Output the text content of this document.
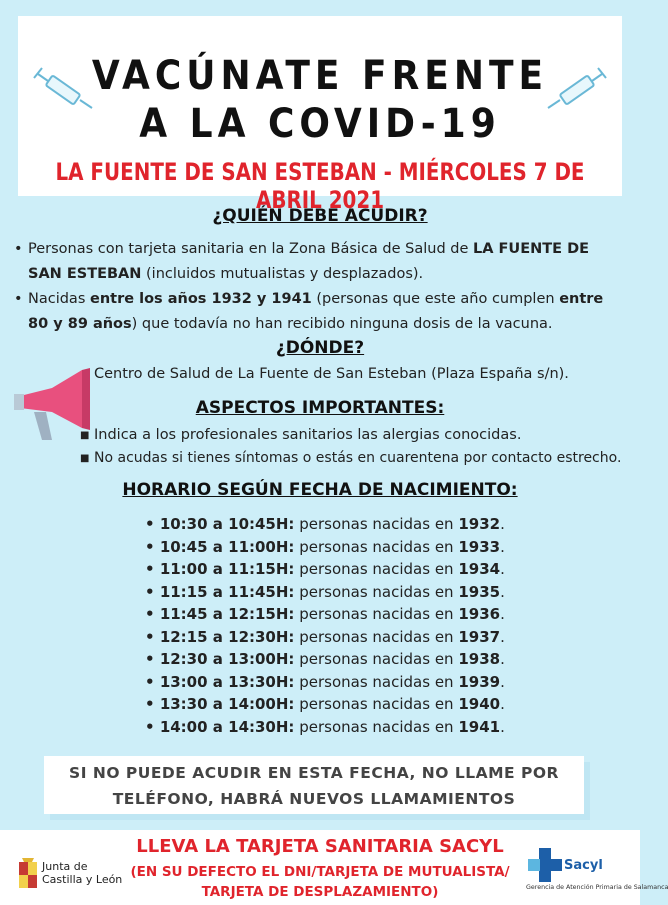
VACÚNATE FRENTE
A LA COVID-19
LA FUENTE DE SAN ESTEBAN - MIÉRCOLES 7 DE ABRIL 2021
¿QUIÉN DEBE ACUDIR?
• Personas con tarjeta sanitaria en la Zona Básica de Salud de LA FUENTE DE SAN ESTEBAN (incluidos mutualistas y desplazados).
• Nacidas entre los años 1932 y 1941 (personas que este año cumplen entre 80 y 89 años) que todavía no han recibido ninguna dosis de la vacuna.
¿DÓNDE?
Centro de Salud de La Fuente de San Esteban (Plaza España s/n).
ASPECTOS IMPORTANTES:
■ Indica a los profesionales sanitarios las alergias conocidas.
■ No acudas si tienes síntomas o estás en cuarentena por contacto estrecho.
HORARIO SEGÚN FECHA DE NACIMIENTO:
• 10:30 a 10:45H: personas nacidas en 1932.
• 10:45 a 11:00H: personas nacidas en 1933.
• 11:00 a 11:15H: personas nacidas en 1934.
• 11:15 a 11:45H: personas nacidas en 1935.
• 11:45 a 12:15H: personas nacidas en 1936.
• 12:15 a 12:30H: personas nacidas en 1937.
• 12:30 a 13:00H: personas nacidas en 1938.
• 13:00 a 13:30H: personas nacidas en 1939.
• 13:30 a 14:00H: personas nacidas en 1940.
• 14:00 a 14:30H: personas nacidas en 1941.
SI NO PUEDE ACUDIR EN ESTA FECHA, NO LLAME POR
TELÉFONO, HABRÁ NUEVOS LLAMAMIENTOS
LLEVA LA TARJETA SANITARIA SACYL
(EN SU DEFECTO EL DNI/TARJETA DE MUTUALISTA/
TARJETA DE DESPLAZAMIENTO)
Junta de
Castilla y León
Sacyl
Gerencia de Atención Primaria de Salamanca
